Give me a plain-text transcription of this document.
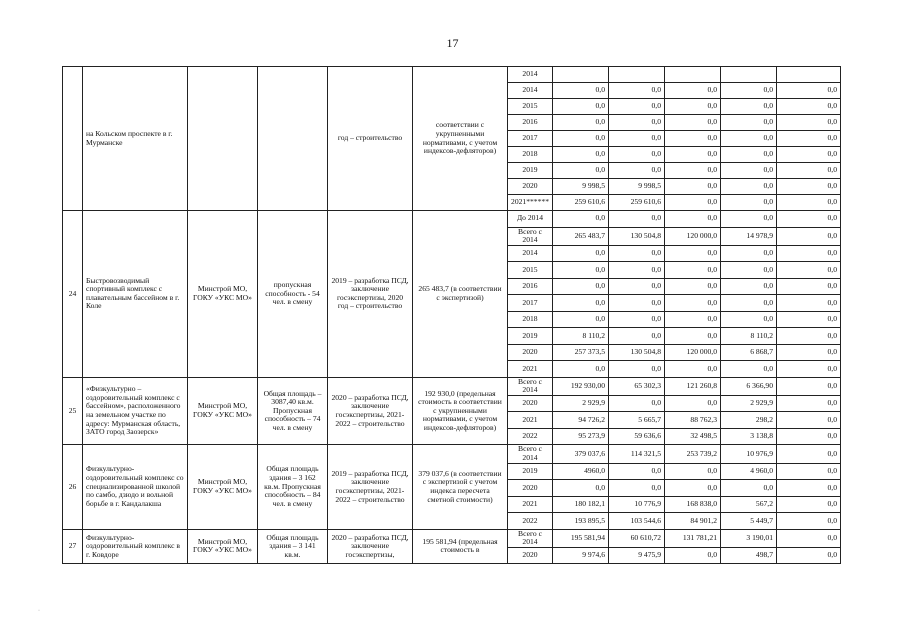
17
	на Кольском проспекте в г. Мурманске			год – строительство	соответствии с укрупненными нормативами, с учетом индексов-дефляторов)	2014					
						2014	0,0	0,0	0,0	0,0	0,0
						2015	0,0	0,0	0,0	0,0	0,0
						2016	0,0	0,0	0,0	0,0	0,0
						2017	0,0	0,0	0,0	0,0	0,0
						2018	0,0	0,0	0,0	0,0	0,0
						2019	0,0	0,0	0,0	0,0	0,0
						2020	9 998,5	9 998,5	0,0	0,0	0,0
						2021******	259 610,6	259 610,6	0,0	0,0	0,0
24	Быстровозводимый спортивный комплекс с плавательным бассейном в г. Коле	Минстрой МО, ГОКУ «УКС МО»	пропускная способность - 54 чел. в смену	2019 – разработка ПСД, заключение госэкспертизы, 2020 год – строительство	265 483,7 (в соответствии с экспертизой)	До 2014	0,0	0,0	0,0	0,0	0,0
						Всего с 2014	265 483,7	130 504,8	120 000,0	14 978,9	0,0
						2014	0,0	0,0	0,0	0,0	0,0
						2015	0,0	0,0	0,0	0,0	0,0
						2016	0,0	0,0	0,0	0,0	0,0
						2017	0,0	0,0	0,0	0,0	0,0
						2018	0,0	0,0	0,0	0,0	0,0
						2019	8 110,2	0,0	0,0	8 110,2	0,0
						2020	257 373,5	130 504,8	120 000,0	6 868,7	0,0
						2021	0,0	0,0	0,0	0,0	0,0
25	«Физкультурно – оздоровительный комплекс с бассейном», расположенного на земельном участке по адресу: Мурманская область, ЗАТО город Заозерск»	Минстрой МО, ГОКУ «УКС МО»	Общая площадь – 3087,40 кв.м. Пропускная способность – 74 чел. в смену	2020 – разработка ПСД, заключение госэкспертизы, 2021-2022 – строительство	192 930,0 (предельная стоимость в соответствии с укрупненными нормативами, с учетом индексов-дефляторов)	Всего с 2014	192 930,00	65 302,3	121 260,8	6 366,90	0,0
						2020	2 929,9	0,0	0,0	2 929,9	0,0
						2021	94 726,2	5 665,7	88 762,3	298,2	0,0
						2022	95 273,9	59 636,6	32 498,5	3 138,8	0,0
26	Физкультурно-оздоровительный комплекс со специализированной школой по самбо, дзюдо и вольной борьбе в г. Кандалакша	Минстрой МО, ГОКУ «УКС МО»	Общая площадь здания – 3 162 кв.м. Пропускная способность – 84 чел. в смену	2019 – разработка ПСД, заключение госэкспертизы, 2021-2022 – строительство	379 037,6 (в соответствии с экспертизой с учетом индекса пересчета сметной стоимости)	Всего с 2014	379 037,6	114 321,5	253 739,2	10 976,9	0,0
						2019	4960,0	0,0	0,0	4 960,0	0,0
						2020	0,0	0,0	0,0	0,0	0,0
						2021	180 182,1	10 776,9	168 838,0	567,2	0,0
						2022	193 895,5	103 544,6	84 901,2	5 449,7	0,0
27	Физкультурно-оздоровительный комплекс в г. Ковдоре	Минстрой МО, ГОКУ «УКС МО»	Общая площадь здания – 3 141 кв.м.	2020 – разработка ПСД, заключение госэкспертизы,	195 581,94 (предельная стоимость в	Всего с 2014	195 581,94	60 610,72	131 781,21	3 190,01	0,0
						2020	9 974,6	9 475,9	0,0	498,7	0,0
·
